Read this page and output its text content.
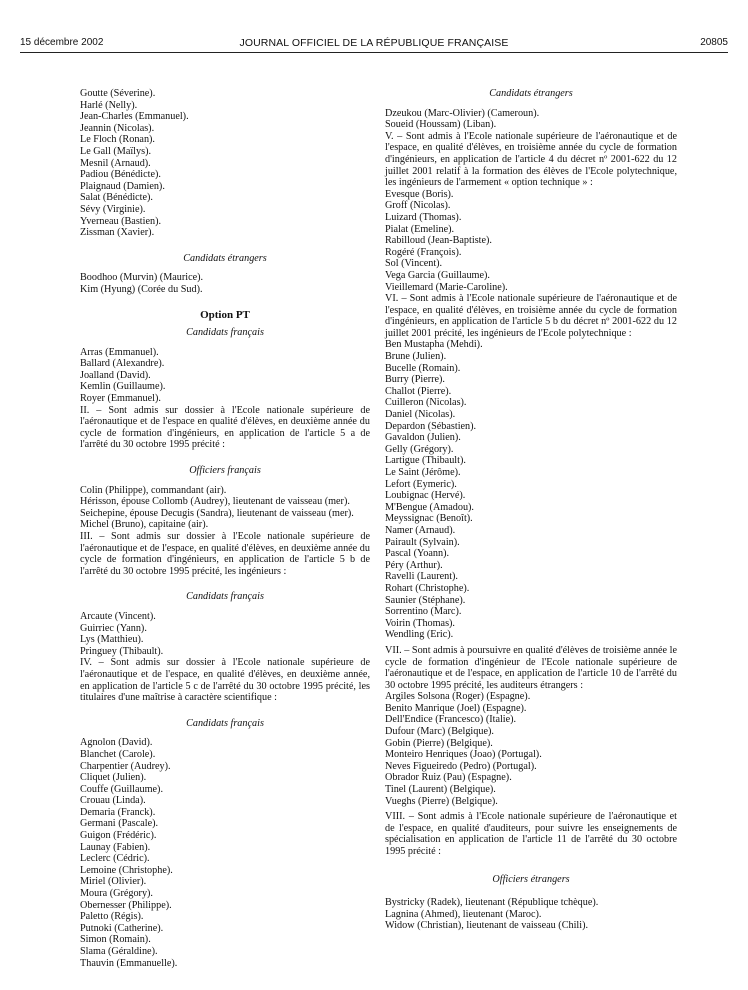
15 décembre 2002	JOURNAL OFFICIEL DE LA RÉPUBLIQUE FRANÇAISE	20805
Goutte (Séverine).
Harlé (Nelly).
Jean-Charles (Emmanuel).
Jeannin (Nicolas).
Le Floch (Ronan).
Le Gall (Maïlys).
Mesnil (Arnaud).
Padiou (Bénédicte).
Plaignaud (Damien).
Salat (Bénédicte).
Sévy (Virginie).
Yverneau (Bastien).
Zissman (Xavier).
Candidats étrangers
Boodhoo (Murvin) (Maurice).
Kim (Hyung) (Corée du Sud).
Option PT
Candidats français
Arras (Emmanuel).
Ballard (Alexandre).
Joalland (David).
Kemlin (Guillaume).
Royer (Emmanuel).
II. – Sont admis sur dossier à l'Ecole nationale supérieure de l'aéronautique et de l'espace en qualité d'élèves, en deuxième année du cycle de formation d'ingénieurs, en application de l'article 5 a de l'arrêté du 30 octobre 1995 précité :
Officiers français
Colin (Philippe), commandant (air).
Hérisson, épouse Collomb (Audrey), lieutenant de vaisseau (mer).
Seichepine, épouse Decugis (Sandra), lieutenant de vaisseau (mer).
Michel (Bruno), capitaine (air).
III. – Sont admis sur dossier à l'Ecole nationale supérieure de l'aéronautique et de l'espace, en qualité d'élèves, en deuxième année du cycle de formation d'ingénieurs, en application de l'article 5 b de l'arrêté du 30 octobre 1995 précité, les ingénieurs :
Candidats français
Arcaute (Vincent).
Guirriec (Yann).
Lys (Matthieu).
Pringuey (Thibault).
IV. – Sont admis sur dossier à l'Ecole nationale supérieure de l'aéronautique et de l'espace, en qualité d'élèves, en deuxième année, en application de l'article 5 c de l'arrêté du 30 octobre 1995 précité, les titulaires d'une maîtrise à caractère scientifique :
Candidats français
Agnolon (David).
Blanchet (Carole).
Charpentier (Audrey).
Cliquet (Julien).
Couffe (Guillaume).
Crouau (Linda).
Demaria (Franck).
Germani (Pascale).
Guigon (Frédéric).
Launay (Fabien).
Leclerc (Cédric).
Lemoine (Christophe).
Miriel (Olivier).
Moura (Grégory).
Obernesser (Philippe).
Paletto (Régis).
Putnoki (Catherine).
Simon (Romain).
Slama (Géraldine).
Thauvin (Emmanuelle).
Candidats étrangers
Dzeukou (Marc-Olivier) (Cameroun).
Soueid (Houssam) (Liban).
V. – Sont admis à l'Ecole nationale supérieure de l'aéronautique et de l'espace, en qualité d'élèves, en troisième année du cycle de formation d'ingénieurs, en application de l'article 4 du décret nº 2001-622 du 12 juillet 2001 relatif à la formation des élèves de l'Ecole polytechnique, les ingénieurs de l'armement « option technique » :
Evesque (Boris).
Groff (Nicolas).
Luizard (Thomas).
Pialat (Emeline).
Rabilloud (Jean-Baptiste).
Rogéré (François).
Sol (Vincent).
Vega Garcia (Guillaume).
Vieillemard (Marie-Caroline).
VI. – Sont admis à l'Ecole nationale supérieure de l'aéronautique et de l'espace, en qualité d'élèves, en troisième année du cycle de formation d'ingénieurs, en application de l'article 5 b du décret nº 2001-622 du 12 juillet 2001 précité, les ingénieurs de l'Ecole polytechnique :
Ben Mustapha (Mehdi).
Brune (Julien).
Bucelle (Romain).
Burry (Pierre).
Challot (Pierre).
Cuilleron (Nicolas).
Daniel (Nicolas).
Depardon (Sébastien).
Gavaldon (Julien).
Gelly (Grégory).
Lartigue (Thibault).
Le Saint (Jérôme).
Lefort (Eymeric).
Loubignac (Hervé).
M'Bengue (Amadou).
Meyssignac (Benoît).
Namer (Arnaud).
Pairault (Sylvain).
Pascal (Yoann).
Péry (Arthur).
Ravelli (Laurent).
Rohart (Christophe).
Saunier (Stéphane).
Sorrentino (Marc).
Voirin (Thomas).
Wendling (Eric).
VII. – Sont admis à poursuivre en qualité d'élèves de troisième année le cycle de formation d'ingénieur de l'Ecole nationale supérieure de l'aéronautique et de l'espace, en application de l'article 10 de l'arrêté du 30 octobre 1995 précité, les auditeurs étrangers :
Argiles Solsona (Roger) (Espagne).
Benito Manrique (Joel) (Espagne).
Dell'Endice (Francesco) (Italie).
Dufour (Marc) (Belgique).
Gobin (Pierre) (Belgique).
Monteiro Henriques (Joao) (Portugal).
Neves Figueiredo (Pedro) (Portugal).
Obrador Ruiz (Pau) (Espagne).
Tinel (Laurent) (Belgique).
Vueghs (Pierre) (Belgique).
VIII. – Sont admis à l'Ecole nationale supérieure de l'aéronautique et de l'espace, en qualité d'auditeurs, pour suivre les enseignements de spécialisation en application de l'article 11 de l'arrêté du 30 octobre 1995 précité :
Officiers étrangers
Bystricky (Radek), lieutenant (République tchèque).
Lagnina (Ahmed), lieutenant (Maroc).
Widow (Christian), lieutenant de vaisseau (Chili).
